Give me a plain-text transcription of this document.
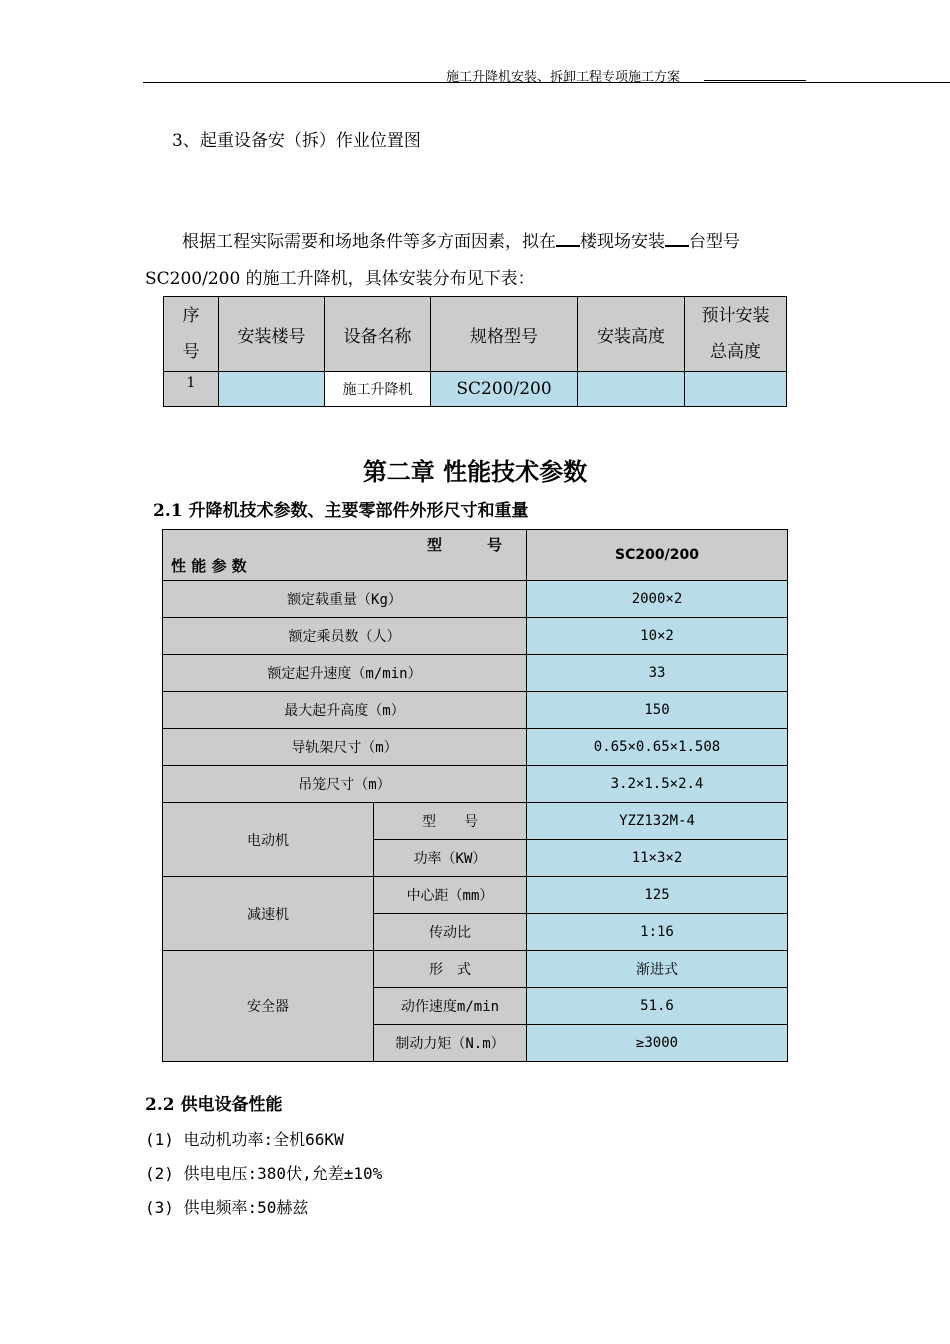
施工升降机安装、拆卸工程专项施工方案
3、起重设备安（拆）作业位置图
根据工程实际需要和场地条件等多方面因素，拟在 楼现场安装 台型号
SC200/200 的施工升降机，具体安装分布见下表：
序
号	安装楼号	设备名称	规格型号	安装高度	预计安装
总高度
1		施工升降机	SC200/200		
第二章 性能技术参数
2.1 升降机技术参数、主要零部件外形尺寸和重量
型　　　号
性 能 参 数		SC200/200
额定载重量（Kg）		2000×2
额定乘员数（人）		10×2
额定起升速度（m/min）		33
最大起升高度（m）		150
导轨架尺寸（m）		0.65×0.65×1.508
吊笼尺寸（m）		3.2×1.5×2.4
电动机	型　　号	YZZ132M-4
	功率（KW）	11×3×2
减速机	中心距（mm）	125
	传动比	1:16
安全器	形　式	渐进式
	动作速度m/min	51.6
	制动力矩（N.m）	≥3000
2.2 供电设备性能
(1) 电动机功率:全机66KW
(2) 供电电压:380伏,允差±10%
(3) 供电频率:50赫兹
